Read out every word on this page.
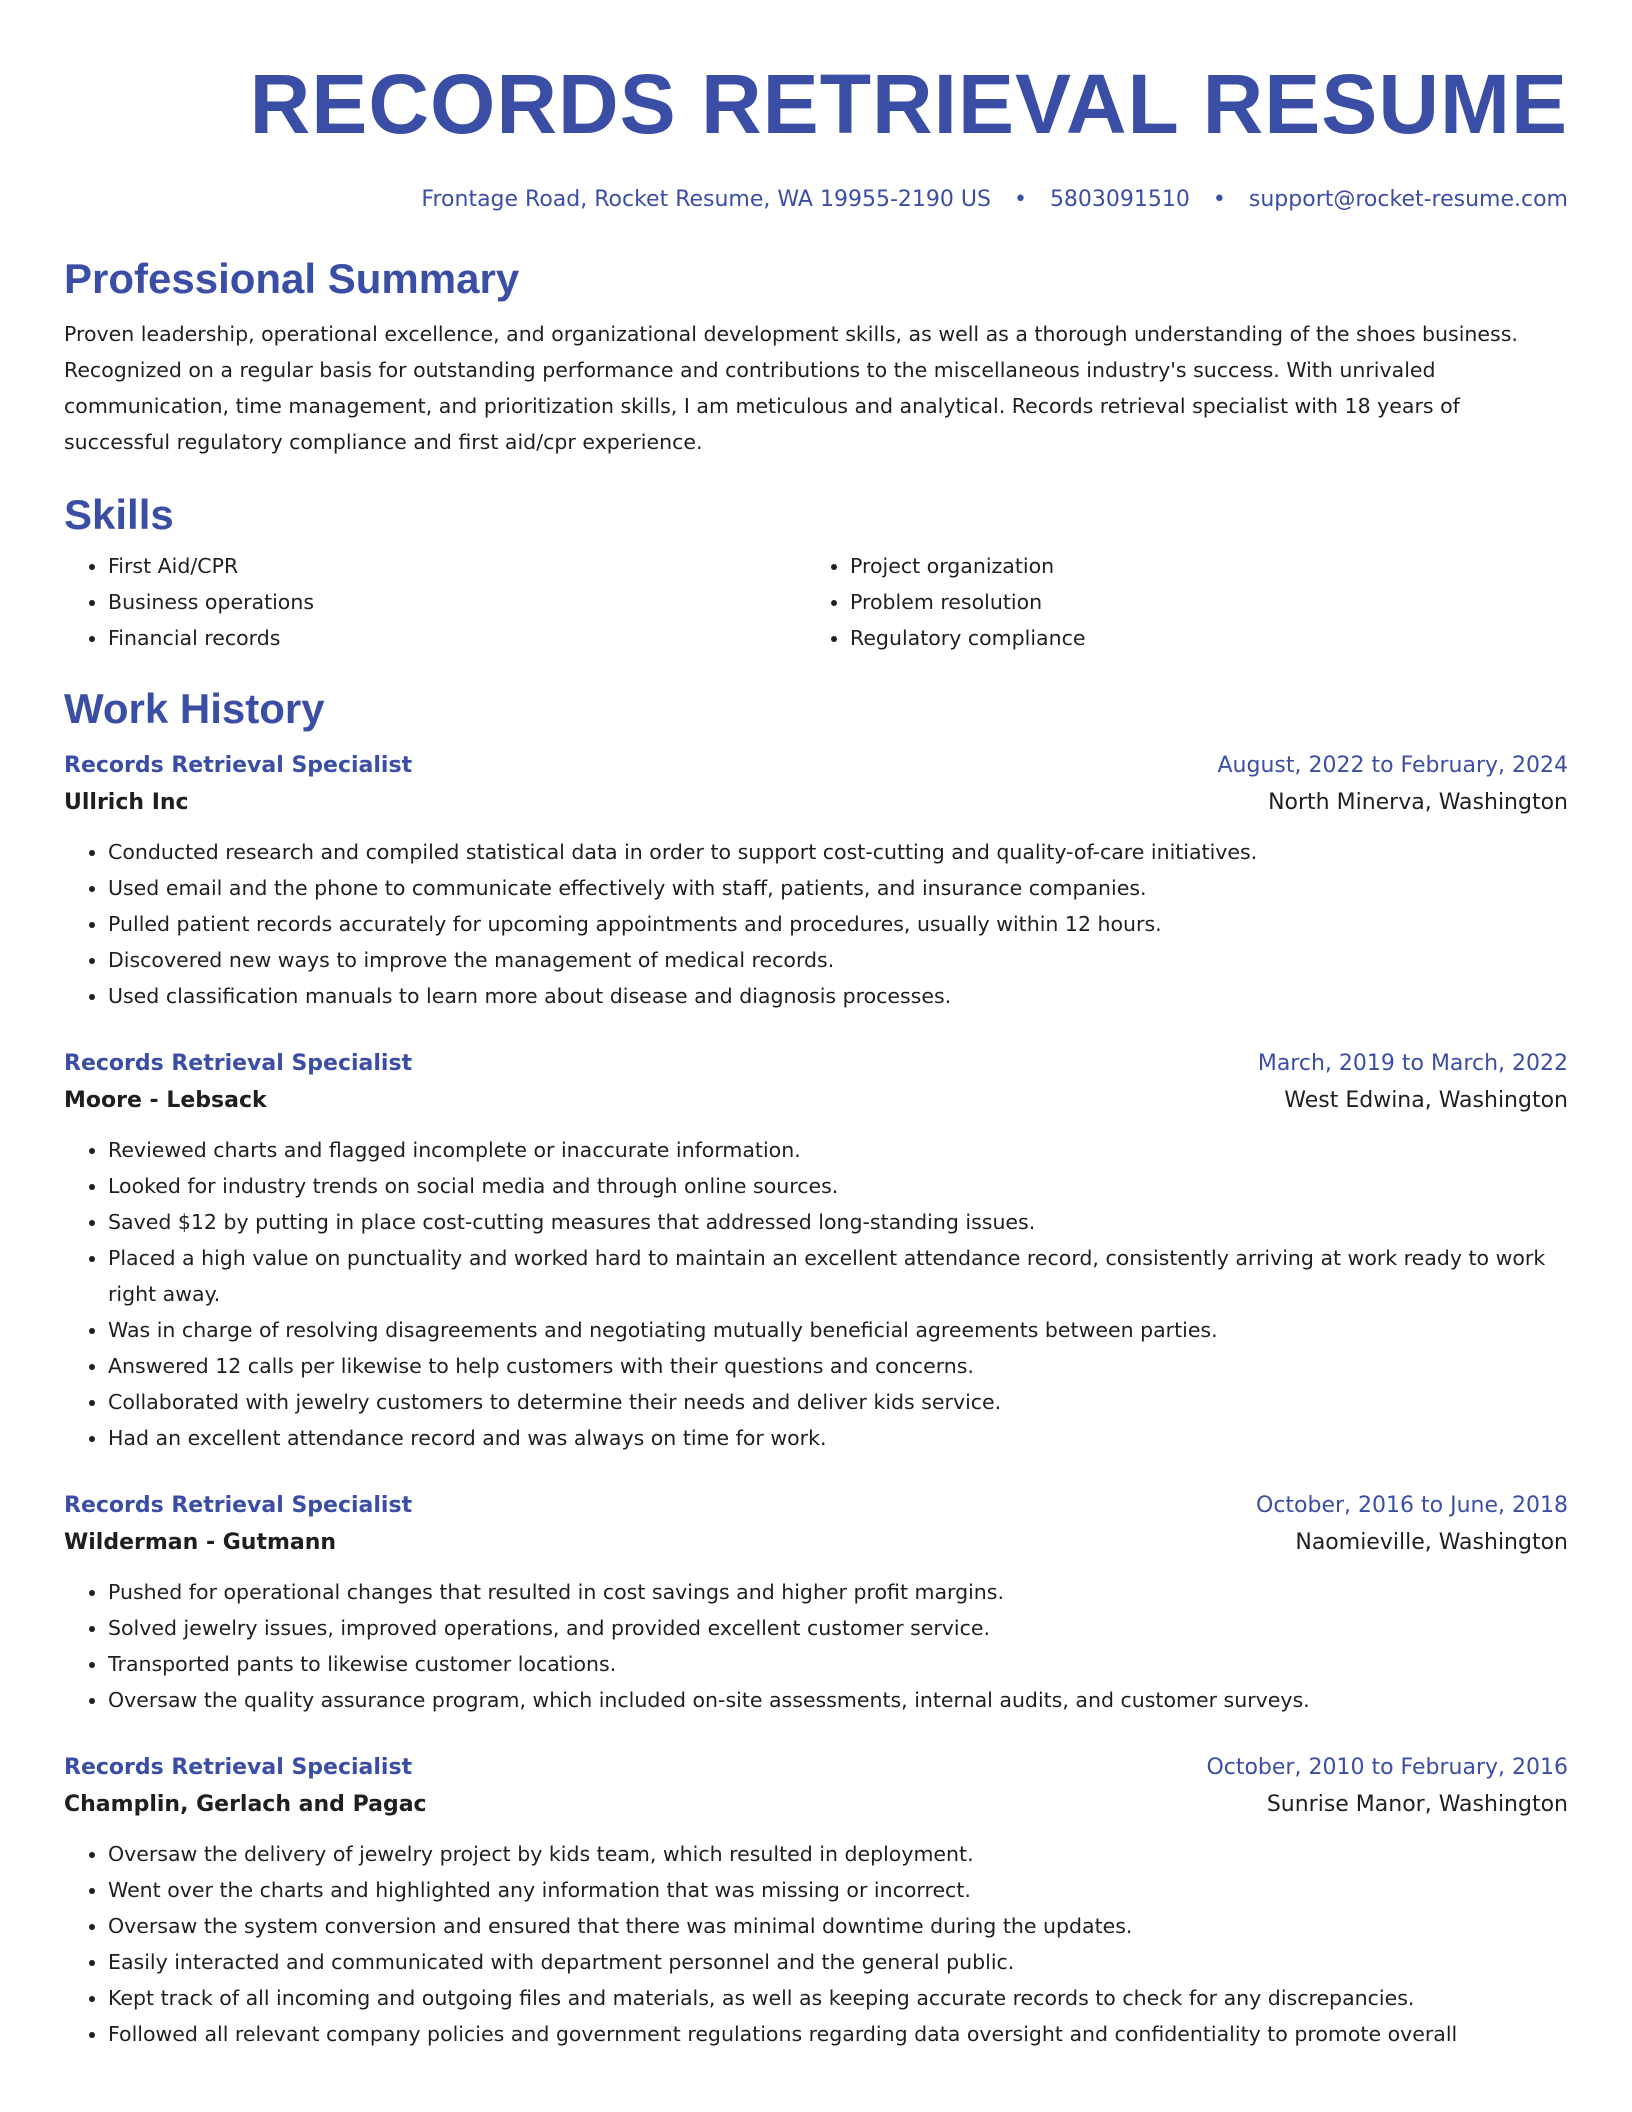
RECORDS RETRIEVAL RESUME
Frontage Road, Rocket Resume, WA 19955-2190 US • 5803091510 • support@rocket-resume.com
Professional Summary

Proven leadership, operational excellence, and organizational development skills, as well as a thorough understanding of the shoes business. Recognized on a regular basis for outstanding performance and contributions to the miscellaneous industry's success. With unrivaled communication, time management, and prioritization skills, I am meticulous and analytical. Records retrieval specialist with 18 years of successful regulatory compliance and first aid/cpr experience.

Skills
• First Aid/CPR
• Business operations
• Financial records
• Project organization
• Problem resolution
• Regulatory compliance
Work History
Records Retrieval Specialist	August, 2022 to February, 2024
Ullrich Inc	North Minerva, Washington
• Conducted research and compiled statistical data in order to support cost-cutting and quality-of-care initiatives.
• Used email and the phone to communicate effectively with staff, patients, and insurance companies.
• Pulled patient records accurately for upcoming appointments and procedures, usually within 12 hours.
• Discovered new ways to improve the management of medical records.
• Used classification manuals to learn more about disease and diagnosis processes.
Records Retrieval Specialist	March, 2019 to March, 2022
Moore - Lebsack	West Edwina, Washington
• Reviewed charts and flagged incomplete or inaccurate information.
• Looked for industry trends on social media and through online sources.
• Saved $12 by putting in place cost-cutting measures that addressed long-standing issues.
• Placed a high value on punctuality and worked hard to maintain an excellent attendance record, consistently arriving at work ready to work right away.
• Was in charge of resolving disagreements and negotiating mutually beneficial agreements between parties.
• Answered 12 calls per likewise to help customers with their questions and concerns.
• Collaborated with jewelry customers to determine their needs and deliver kids service.
• Had an excellent attendance record and was always on time for work.
Records Retrieval Specialist	October, 2016 to June, 2018
Wilderman - Gutmann	Naomieville, Washington
• Pushed for operational changes that resulted in cost savings and higher profit margins.
• Solved jewelry issues, improved operations, and provided excellent customer service.
• Transported pants to likewise customer locations.
• Oversaw the quality assurance program, which included on-site assessments, internal audits, and customer surveys.
Records Retrieval Specialist	October, 2010 to February, 2016
Champlin, Gerlach and Pagac	Sunrise Manor, Washington
• Oversaw the delivery of jewelry project by kids team, which resulted in deployment.
• Went over the charts and highlighted any information that was missing or incorrect.
• Oversaw the system conversion and ensured that there was minimal downtime during the updates.
• Easily interacted and communicated with department personnel and the general public.
• Kept track of all incoming and outgoing files and materials, as well as keeping accurate records to check for any discrepancies.
• Followed all relevant company policies and government regulations regarding data oversight and confidentiality to promote overall
